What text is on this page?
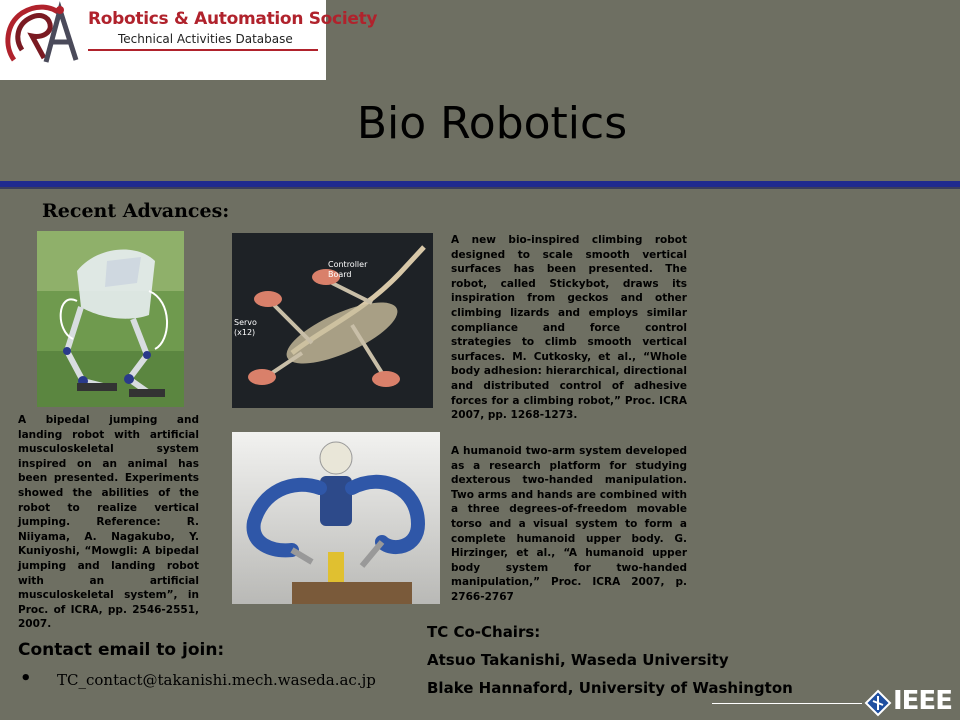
Robotics & Automation Society
Technical Activities Database
Bio Robotics
Recent Advances:
Controller
Board
Servo
(x12)
A bipedal jumping and landing robot with artificial musculoskeletal system inspired on an animal has been presented. Experiments showed the abilities of the robot to realize vertical jumping. Reference: R. Niiyama, A. Nagakubo, Y. Kuniyoshi, “Mowgli: A bipedal jumping and landing robot with an artificial musculoskeletal system”, in Proc. of ICRA, pp. 2546-2551, 2007.
A new bio-inspired climbing robot designed to scale smooth vertical surfaces has been presented. The robot, called Stickybot, draws its inspiration from geckos and other climbing lizards and employs similar compliance and force control strategies to climb smooth vertical surfaces. M. Cutkosky, et al., “Whole body adhesion: hierarchical, directional and distributed control of adhesive forces for a climbing robot,” Proc. ICRA 2007, pp. 1268-1273.
A humanoid two-arm system developed as a research platform for studying dexterous two-handed manipulation. Two arms and hands are combined with a three degrees-of-freedom movable torso and a visual system to form a complete humanoid upper body. G. Hirzinger, et al., “A humanoid upper body system for two-handed manipulation,” Proc. ICRA 2007, p. 2766-2767
Contact email to join:
• TC_contact@takanishi.mech.waseda.ac.jp
TC Co-Chairs:
Atsuo Takanishi, Waseda University
Blake Hannaford, University of Washington	IEEE
